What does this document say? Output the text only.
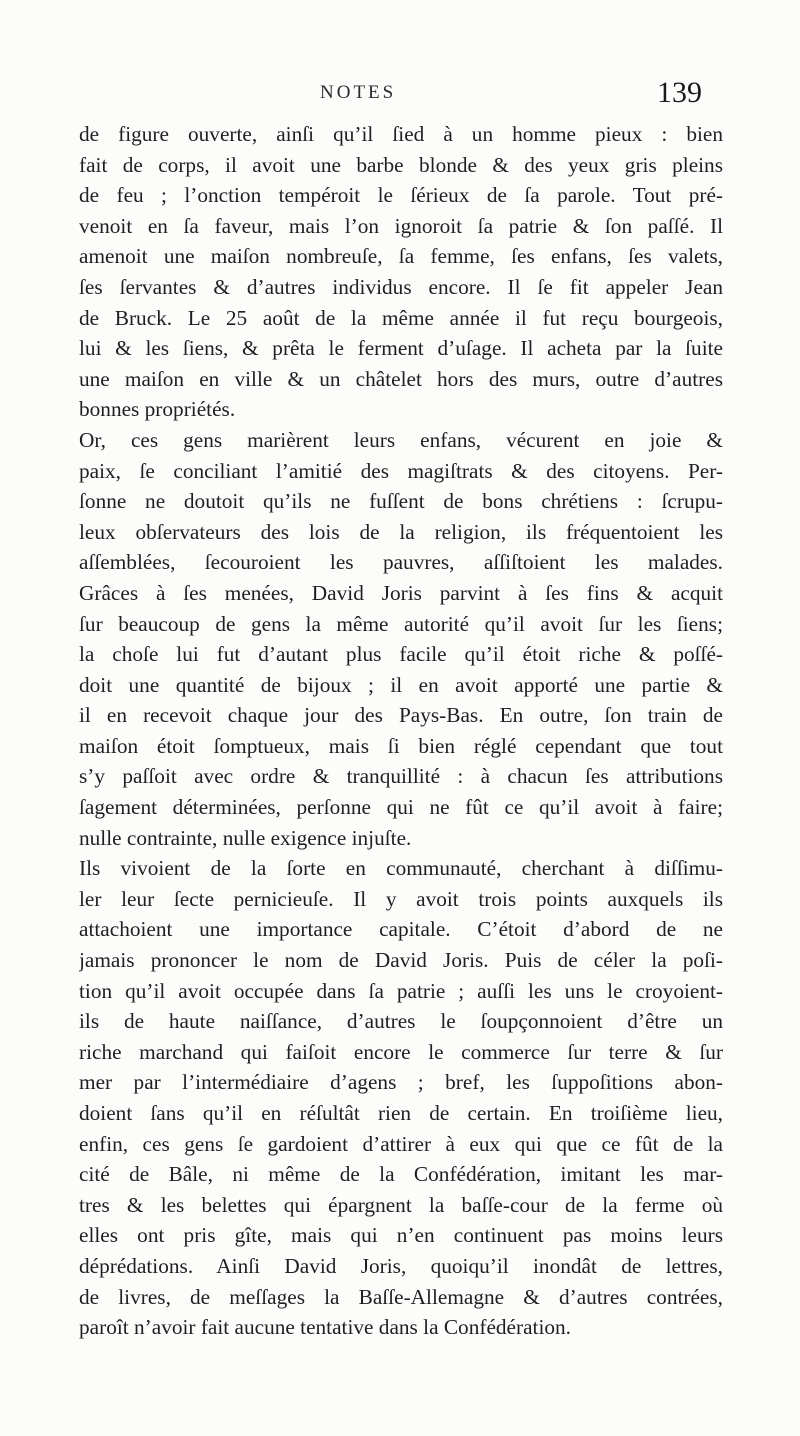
NOTES	139
de figure ouverte, ainſi qu’il ſied à un homme pieux : bien
fait de corps, il avoit une barbe blonde & des yeux gris pleins
de feu ; l’onction tempéroit le ſérieux de ſa parole. Tout pré-
venoit en ſa faveur, mais l’on ignoroit ſa patrie & ſon paſſé. Il
amenoit une maiſon nombreuſe, ſa femme, ſes enfans, ſes valets,
ſes ſervantes & d’autres individus encore. Il ſe fit appeler Jean
de Bruck. Le 25 août de la même année il fut reçu bourgeois,
lui & les ſiens, & prêta le ferment d’uſage. Il acheta par la ſuite
une maiſon en ville & un châtelet hors des murs, outre d’autres
bonnes propriétés.
Or, ces gens marièrent leurs enfans, vécurent en joie &
paix, ſe conciliant l’amitié des magiſtrats & des citoyens. Per-
ſonne ne doutoit qu’ils ne fuſſent de bons chrétiens : ſcrupu-
leux obſervateurs des lois de la religion, ils fréquentoient les
aſſemblées, ſecouroient les pauvres, aſſiſtoient les malades.
Grâces à ſes menées, David Joris parvint à ſes fins & acquit
ſur beaucoup de gens la même autorité qu’il avoit ſur les ſiens;
la choſe lui fut d’autant plus facile qu’il étoit riche & poſſé-
doit une quantité de bijoux ; il en avoit apporté une partie &
il en recevoit chaque jour des Pays-Bas. En outre, ſon train de
maiſon étoit ſomptueux, mais ſi bien réglé cependant que tout
s’y paſſoit avec ordre & tranquillité : à chacun ſes attributions
ſagement déterminées, perſonne qui ne fût ce qu’il avoit à faire;
nulle contrainte, nulle exigence injuſte.
Ils vivoient de la ſorte en communauté, cherchant à diſſimu-
ler leur ſecte pernicieuſe. Il y avoit trois points auxquels ils
attachoient une importance capitale. C’étoit d’abord de ne
jamais prononcer le nom de David Joris. Puis de céler la poſi-
tion qu’il avoit occupée dans ſa patrie ; auſſi les uns le croyoient-
ils de haute naiſſance, d’autres le ſoupçonnoient d’être un
riche marchand qui faiſoit encore le commerce ſur terre & ſur
mer par l’intermédiaire d’agens ; bref, les ſuppoſitions abon-
doient ſans qu’il en réſultât rien de certain. En troiſième lieu,
enfin, ces gens ſe gardoient d’attirer à eux qui que ce fût de la
cité de Bâle, ni même de la Confédération, imitant les mar-
tres & les belettes qui épargnent la baſſe-cour de la ferme où
elles ont pris gîte, mais qui n’en continuent pas moins leurs
déprédations. Ainſi David Joris, quoiqu’il inondât de lettres,
de livres, de meſſages la Baſſe-Allemagne & d’autres contrées,
paroît n’avoir fait aucune tentative dans la Confédération.
